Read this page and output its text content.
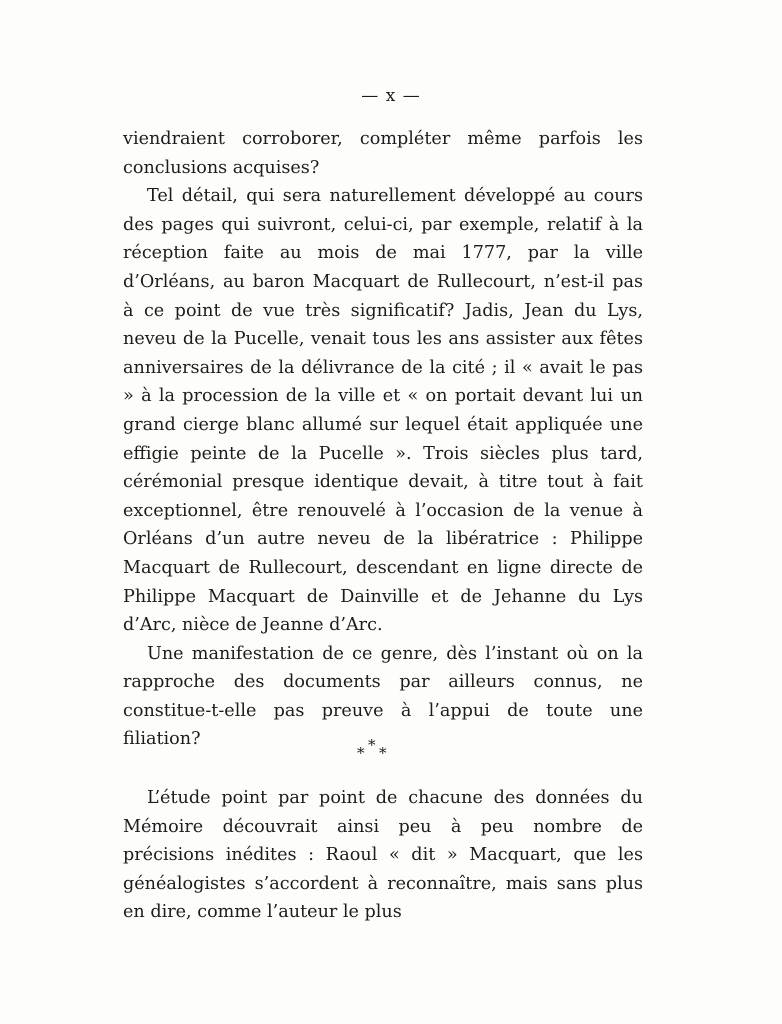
— x —

viendraient corroborer, compléter même parfois les conclusions acquises?

Tel détail, qui sera naturellement développé au cours des pages qui suivront, celui-ci, par exemple, relatif à la réception faite au mois de mai 1777, par la ville d’Orléans, au baron Macquart de Rullecourt, n’est-il pas à ce point de vue très significatif? Jadis, Jean du Lys, neveu de la Pucelle, venait tous les ans assister aux fêtes anniversaires de la délivrance de la cité ; il « avait le pas » à la procession de la ville et « on portait devant lui un grand cierge blanc allumé sur lequel était appliquée une effigie peinte de la Pucelle ». Trois siècles plus tard, cérémonial presque identique devait, à titre tout à fait exceptionnel, être renouvelé à l’occasion de la venue à Orléans d’un autre neveu de la libératrice : Philippe Macquart de Rullecourt, descendant en ligne directe de Philippe Macquart de Dainville et de Jehanne du Lys d’Arc, nièce de Jeanne d’Arc.

Une manifestation de ce genre, dès l’instant où on la rapproche des documents par ailleurs connus, ne constitue-t-elle pas preuve à l’appui de toute une filiation?

* * *

L’étude point par point de chacune des données du Mémoire découvrait ainsi peu à peu nombre de précisions inédites : Raoul « dit » Macquart, que les généalogistes s’accordent à reconnaître, mais sans plus en dire, comme l’auteur le plus
